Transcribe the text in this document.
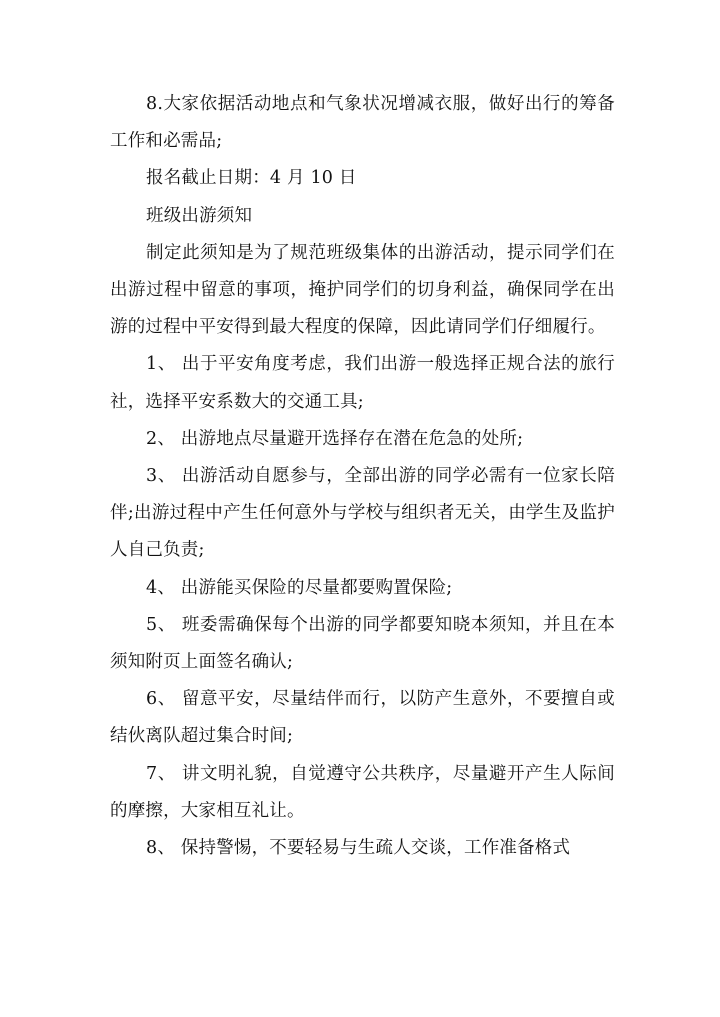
8.大家依据活动地点和气象状况增减衣服，做好出行的筹备工作和必需品;

报名截止日期：4 月 10 日

班级出游须知

制定此须知是为了规范班级集体的出游活动，提示同学们在出游过程中留意的事项，掩护同学们的切身利益，确保同学在出游的过程中平安得到最大程度的保障，因此请同学们仔细履行。

1、 出于平安角度考虑，我们出游一般选择正规合法的旅行社，选择平安系数大的交通工具;

2、 出游地点尽量避开选择存在潜在危急的处所;

3、 出游活动自愿参与，全部出游的同学必需有一位家长陪伴;出游过程中产生任何意外与学校与组织者无关，由学生及监护人自己负责;

4、 出游能买保险的尽量都要购置保险;

5、 班委需确保每个出游的同学都要知晓本须知，并且在本须知附页上面签名确认;

6、 留意平安，尽量结伴而行，以防产生意外，不要擅自或结伙离队超过集合时间;

7、 讲文明礼貌，自觉遵守公共秩序，尽量避开产生人际间的摩擦，大家相互礼让。

8、 保持警惕，不要轻易与生疏人交谈，工作准备格式
